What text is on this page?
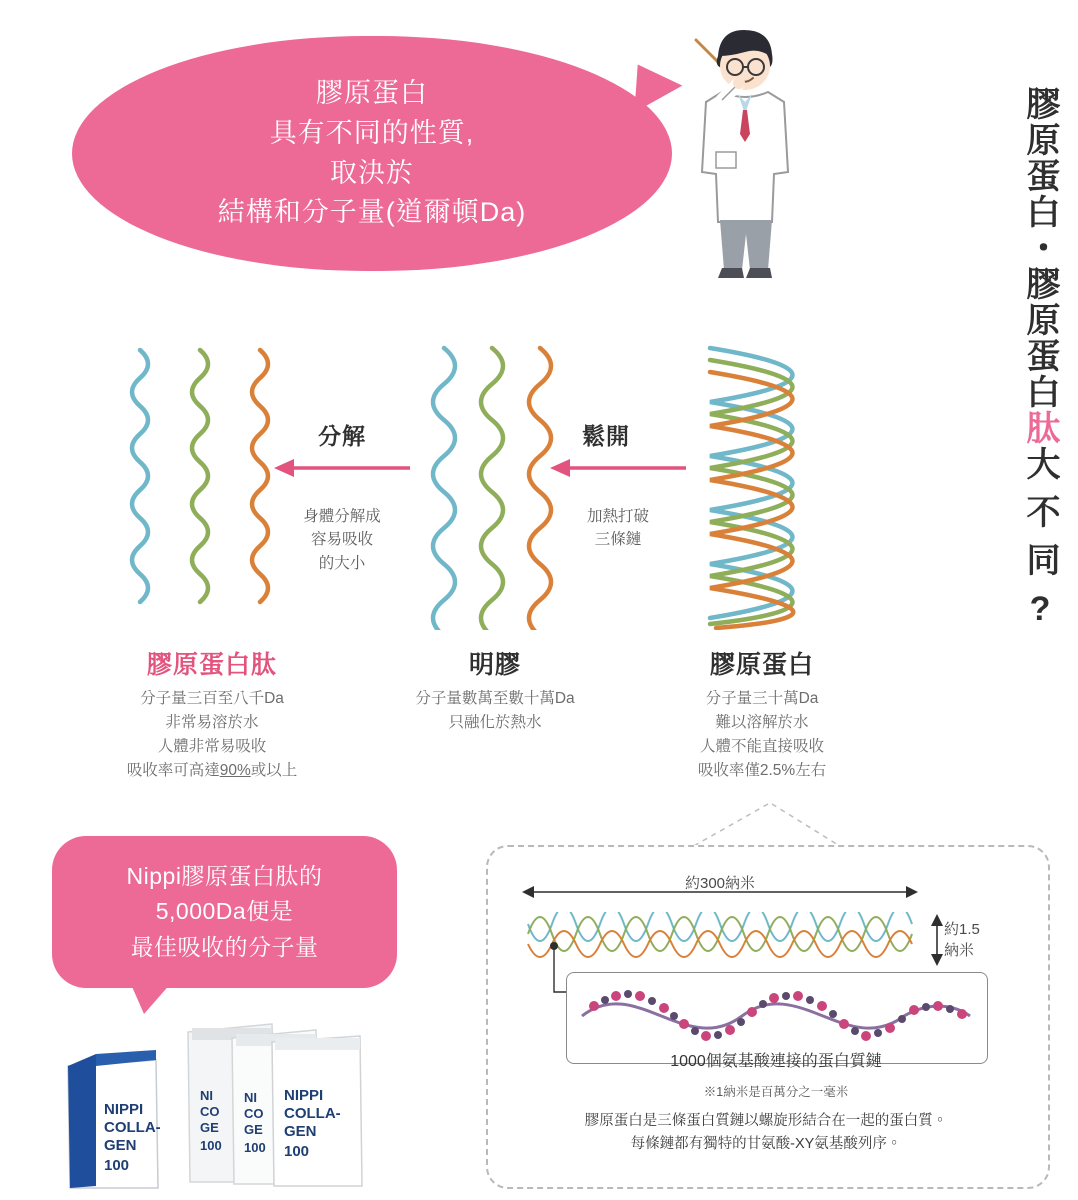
膠原蛋白
具有不同的性質,
取決於
結構和分子量(道爾頓Da)	膠原蛋白・膠原蛋白肽大不同?
鬆開
加熱打破
三條鏈
分解
身體分解成
容易吸收
的大小
膠原蛋白肽
分子量三百至八千Da
非常易溶於水
人體非常易吸收
吸收率可高達90%或以上
明膠
分子量數萬至數十萬Da
只融化於熱水
膠原蛋白
分子量三十萬Da
難以溶解於水
人體不能直接吸收
吸收率僅2.5%左右
Nippi膠原蛋白肽的
5,000Da便是
最佳吸收的分子量
NI
CO
GE
100
NI
CO
GE
100
NIPPI
COLLA-
GEN
100
NIPPI
COLLA-
GEN
100
約300納米
約1.5
納米
1000個氨基酸連接的蛋白質鏈
※1納米是百萬分之一毫米
膠原蛋白是三條蛋白質鏈以螺旋形結合在一起的蛋白質。
每條鏈都有獨特的甘氨酸-XY氨基酸列序。
